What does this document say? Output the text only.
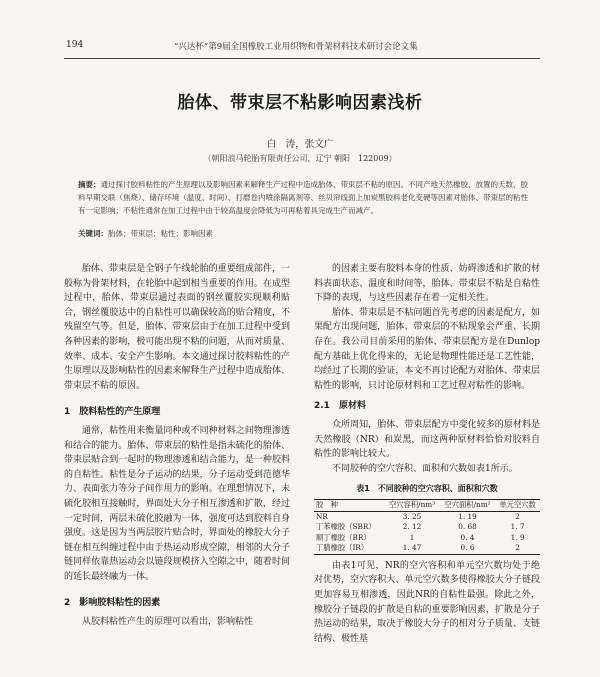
194	“兴达杯”第9届全国橡胶工业用织物和骨架材料技术研讨会论文集
胎体、带束层不粘影响因素浅析
白　涛，张文广
（朝阳浪马轮胎有限责任公司，辽宁 朝阳　122009）
摘要：通过探讨胶料粘性的产生原理以及影响因素来解释生产过程中造成胎体、带束层不粘的原因。不同产地天然橡胶、放置的天数、胶料早期交联（焦烧）、储存环境（温度、时间）、打磨卷内喷涂隔离剂等、丝贝帘线面上加炭黑胶料老化变硬等因素对胎体、带束层的粘性有一定影响；不粘性通常在加工过程中由于较高温度会降低为可再粘着具完成生产而减产。
关键词：胎体；带束层；粘性；影响因素

胎体、带束层是全钢子午线轮胎的重要组成部件，一般称为骨架材料，在轮胎中起到相当重要的作用。在成型过程中，胎体、带束层通过表面的钢丝覆胶实现顺利贴合，钢丝覆胶达中的自粘性可以确保较高的贴合精度，不残留空气等。但是，胎体、带束层由于在加工过程中受到各种因素的影响，极可能出现不粘的问题，从而对质量、效率、成本、安全产生影响。本文通过探讨胶料粘性的产生原理以及影响粘性的因素来解释生产过程中造成胎体、带束层不粘的原因。

1　胶料粘性的产生原理

通常，粘性用来衡量同种或不同种材料之间物理渗透和结合的能力。胎体、带束层的粘性是指未硫化的胎体、带束层贴合到一起时的物理渗透和结合能力，是一种胶料的自粘性。粘性是分子运动的结果，分子运动受到范德华力、表面张力等分子间作用力的影响。在理想情况下，未硫化胶相互接触时，界面处大分子相互渗透和扩散，经过一定时间，两层未硫化胶融为一体，强度可达到胶料自身强度。这是因为当两层胶片贴合时，界面处的橡胶大分子链在相互纠缠过程中由于热运动形成空隙，相邻的大分子链同样依靠热运动会以链段规模挤入空隙之中，随着时间的延长最终融为一体。

2　影响胶料粘性的因素

从胶料粘性产生的原理可以看出，影响粘性

的因素主要有胶料本身的性质、妨碍渗透和扩散的材料表面状态、温度和时间等，胎体、带束层不粘是自粘性下降的表现，与这些因素存在着一定相关性。

胎体、带束层是不粘问题首先考虑的因素是配方，如果配方出现问题，胎体、带束层的不粘现象会严重、长期存在。我公司目前采用的胎体、带束层配方是在Dunlop配方基础上优化得来的，无论是物理性能还是工艺性能，均经过了长期的验证，本文不再讨论配方对胎体、带束层粘性的影响，只讨论原材料和工艺过程对粘性的影响。

2.1　原材料

众所周知，胎体、带束层配方中变化较多的原材料是天然橡胶（NR）和炭黑，而这两种原材料恰恰对胶料自粘性的影响比较大。

不同胶种的空穴容积、面积和穴数如表1所示。

表1　不同胶种的空穴容积、面积和穴数
胶　种	空穴容积/nm³	空穴面积/nm²	单元空穴数
NR	3. 25	1. 19	2
丁苯橡胶（SBR）	2. 12	0. 68	1. 7
顺丁橡胶（BR）	1	0. 4	1. 9
丁腈橡胶（IR）	1. 47	0. 6	2

由表1可见，NR的空穴容积和单元空穴数均处于绝对优势，空穴容积大、单元空穴数多使得橡胶大分子链段更加容易互相渗透，因此NR的自粘性最强。除此之外，橡胶分子链段的扩散是自粘的重要影响因素，扩散是分子热运动的结果，取决于橡胶大分子的相对分子质量、支链结构、极性基
